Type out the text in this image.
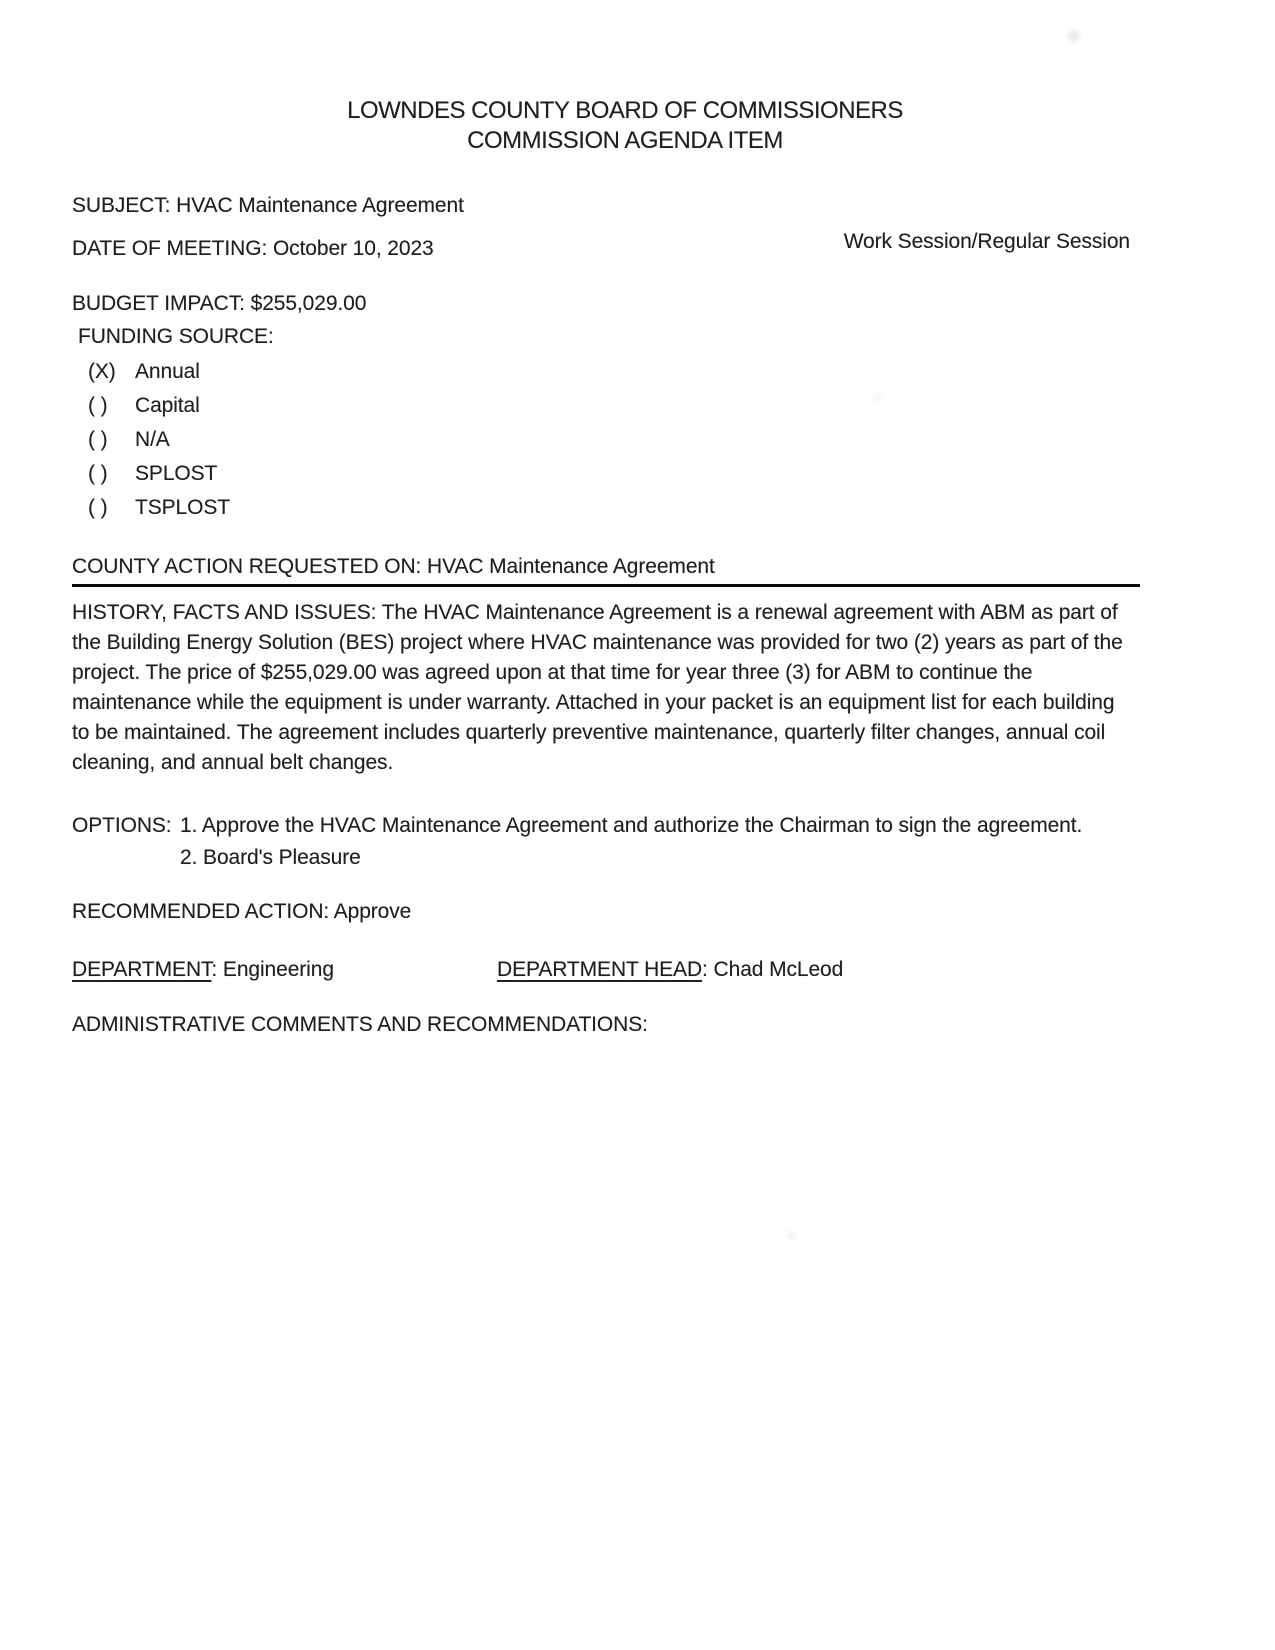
LOWNDES COUNTY BOARD OF COMMISSIONERS
COMMISSION AGENDA ITEM
SUBJECT: HVAC Maintenance Agreement
DATE OF MEETING: October 10, 2023	Work Session/Regular Session
BUDGET IMPACT: $255,029.00
FUNDING SOURCE:
(X) Annual
( ) Capital
( ) N/A
( ) SPLOST
( ) TSPLOST
COUNTY ACTION REQUESTED ON: HVAC Maintenance Agreement
HISTORY, FACTS AND ISSUES: The HVAC Maintenance Agreement is a renewal agreement with ABM as part of the Building Energy Solution (BES) project where HVAC maintenance was provided for two (2) years as part of the project. The price of $255,029.00 was agreed upon at that time for year three (3) for ABM to continue the maintenance while the equipment is under warranty. Attached in your packet is an equipment list for each building to be maintained. The agreement includes quarterly preventive maintenance, quarterly filter changes, annual coil cleaning, and annual belt changes.
OPTIONS: 1. Approve the HVAC Maintenance Agreement and authorize the Chairman to sign the agreement.
2. Board's Pleasure
RECOMMENDED ACTION: Approve
DEPARTMENT: Engineering	DEPARTMENT HEAD: Chad McLeod
ADMINISTRATIVE COMMENTS AND RECOMMENDATIONS:
